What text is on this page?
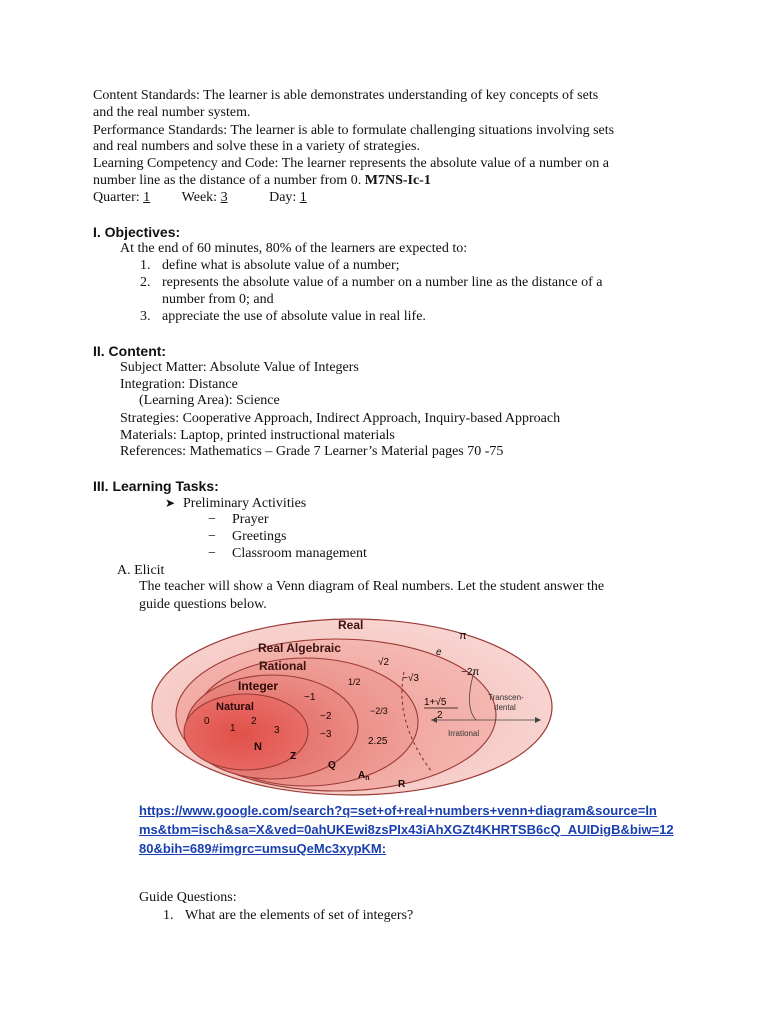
Content Standards: The learner is able demonstrates understanding of key concepts of sets
and the real number system.
Performance Standards: The learner is able to formulate challenging situations involving sets
and real numbers and solve these in a variety of strategies.
Learning Competency and Code: The learner represents the absolute value of a number on a
number line as the distance of a number from 0. M7NS-Ic-1
Quarter: 1 Week: 3	Day: 1
I. Objectives:
At the end of 60 minutes, 80% of the learners are expected to:
1. define what is absolute value of a number;
2. represents the absolute value of a number on a number line as the distance of a
number from 0; and
3. appreciate the use of absolute value in real life.
II. Content:
Subject Matter: Absolute Value of Integers
Integration: Distance
(Learning Area): Science
Strategies: Cooperative Approach, Indirect Approach, Inquiry-based Approach
Materials: Laptop, printed instructional materials
References: Mathematics – Grade 7 Learner’s Material pages 70 -75
III. Learning Tasks:
➤ Preliminary Activities
− Prayer
− Greetings
− Classroom management
A. Elicit
The teacher will show a Venn diagram of Real numbers. Let the student answer the
guide questions below.
Real
Real Algebraic
Rational
Integer
Natural
Transcen-
dental
Irrational
0
1
2
3
N
−1
−2
−3
Z
1/2
−2/3
2.25
Q
√2
−√3
1+√5
2
$A_n$
π
e
−2π
R
https://www.google.com/search?q=set+of+real+numbers+venn+diagram&source=ln
ms&tbm=isch&sa=X&ved=0ahUKEwi8zsPIx43iAhXGZt4KHRTSB6cQ_AUIDigB&biw=12
80&bih=689#imgrc=umsuQeMc3xypKM:
Guide Questions:
1. What are the elements of set of integers?
